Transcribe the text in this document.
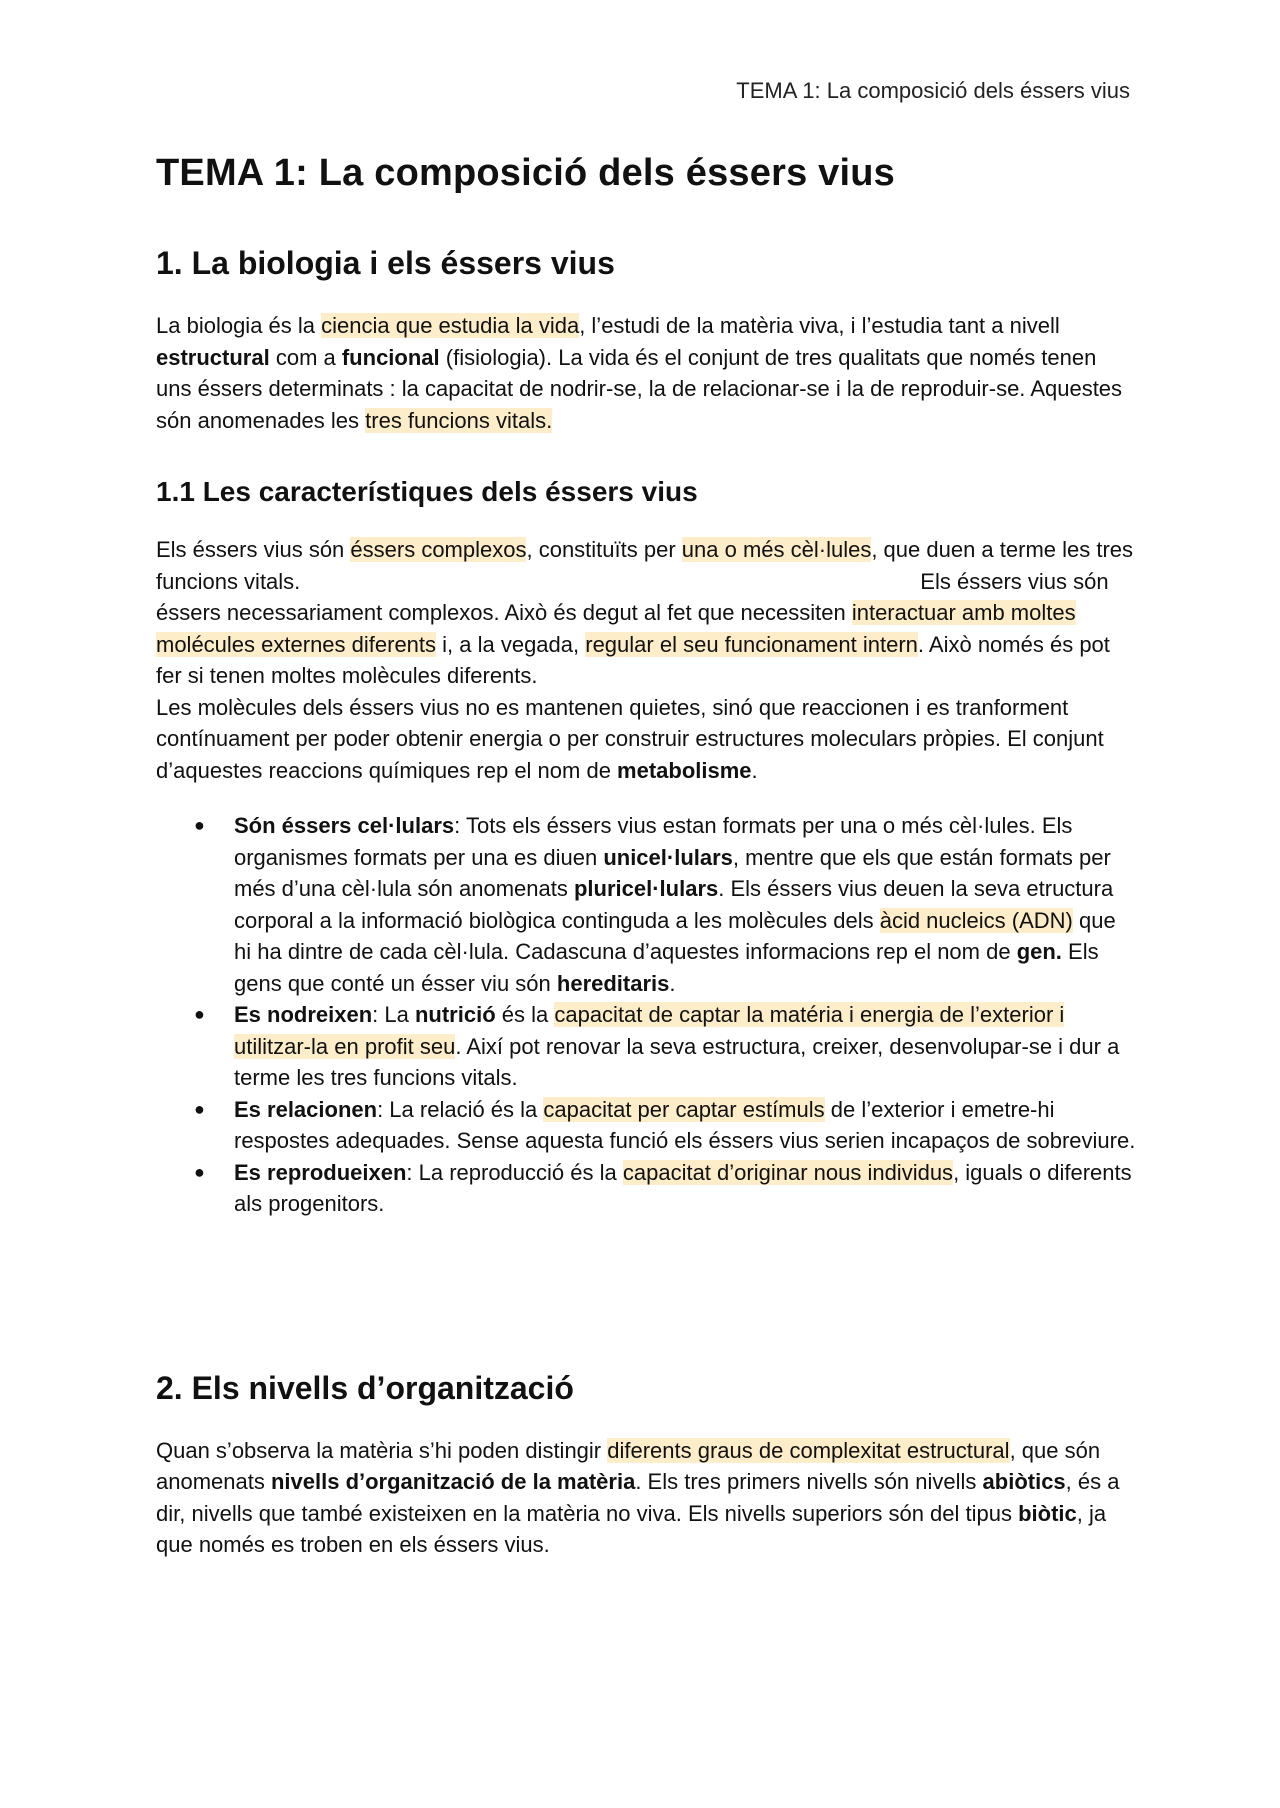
TEMA 1: La composició dels éssers vius
TEMA 1: La composició dels éssers vius
1. La biologia i els éssers vius

La biologia és la ciencia que estudia la vida, l’estudi de la matèria viva, i l’estudia tant a nivell estructural com a funcional (fisiologia). La vida és el conjunt de tres qualitats que només tenen uns éssers determinats : la capacitat de nodrir-se, la de relacionar-se i la de reproduir-se. Aquestes són anomenades les tres funcions vitals.

1.1 Les característiques dels éssers vius

Els éssers vius són éssers complexos, constituïts per una o més cèl·lules, que duen a terme les tres funcions vitals.	Els éssers vius són éssers necessariament complexos. Això és degut al fet que necessiten interactuar amb moltes molécules externes diferents i, a la vegada, regular el seu funcionament intern. Això només és pot fer si tenen moltes molècules diferents.
Les molècules dels éssers vius no es mantenen quietes, sinó que reaccionen i es tranforment contínuament per poder obtenir energia o per construir estructures moleculars pròpies. El conjunt d’aquestes reaccions químiques rep el nom de metabolisme.

● Són éssers cel·lulars: Tots els éssers vius estan formats per una o més cèl·lules. Els organismes formats per una es diuen unicel·lulars, mentre que els que están formats per més d’una cèl·lula són anomenats pluricel·lulars. Els éssers vius deuen la seva etructura corporal a la informació biològica continguda a les molècules dels àcid nucleics (ADN) que hi ha dintre de cada cèl·lula. Cadascuna d’aquestes informacions rep el nom de gen. Els gens que conté un ésser viu són hereditaris.
● Es nodreixen: La nutrició és la capacitat de captar la matéria i energia de l’exterior i utilitzar-la en profit seu. Així pot renovar la seva estructura, creixer, desenvolupar-se i dur a terme les tres funcions vitals.
● Es relacionen: La relació és la capacitat per captar estímuls de l’exterior i emetre-hi respostes adequades. Sense aquesta funció els éssers vius serien incapaços de sobreviure.
● Es reprodueixen: La reproducció és la capacitat d’originar nous individus, iguals o diferents als progenitors.
2. Els nivells d’organització

Quan s’observa la matèria s’hi poden distingir diferents graus de complexitat estructural, que són anomenats nivells d’organització de la matèria. Els tres primers nivells són nivells abiòtics, és a dir, nivells que també existeixen en la matèria no viva. Els nivells superiors són del tipus biòtic, ja que només es troben en els éssers vius.
